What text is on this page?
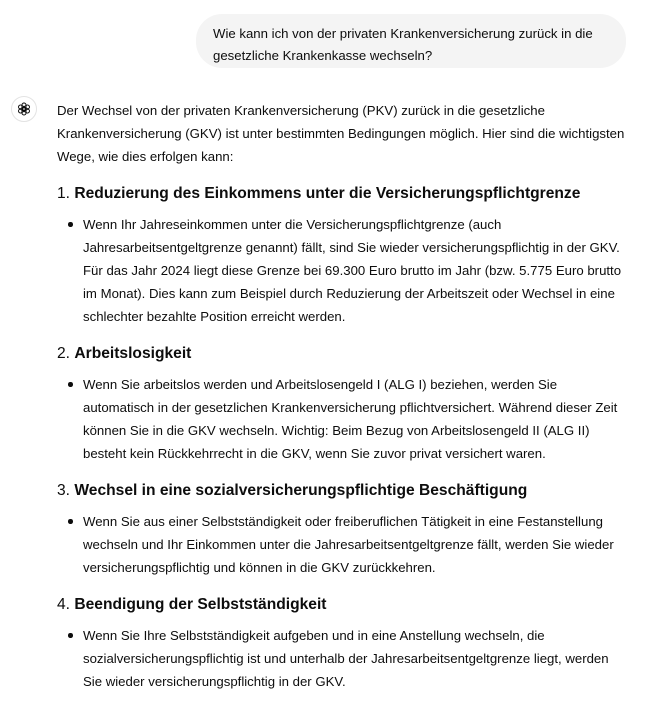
Wie kann ich von der privaten Krankenversicherung zurück in die gesetzliche Krankenkasse wechseln?

Der Wechsel von der privaten Krankenversicherung (PKV) zurück in die gesetzliche Krankenversicherung (GKV) ist unter bestimmten Bedingungen möglich. Hier sind die wichtigsten Wege, wie dies erfolgen kann:

1. Reduzierung des Einkommens unter die Versicherungspflichtgrenze
Wenn Ihr Jahreseinkommen unter die Versicherungspflichtgrenze (auch Jahresarbeitsentgeltgrenze genannt) fällt, sind Sie wieder versicherungspflichtig in der GKV. Für das Jahr 2024 liegt diese Grenze bei 69.300 Euro brutto im Jahr (bzw. 5.775 Euro brutto im Monat). Dies kann zum Beispiel durch Reduzierung der Arbeitszeit oder Wechsel in eine schlechter bezahlte Position erreicht werden.
2. Arbeitslosigkeit
Wenn Sie arbeitslos werden und Arbeitslosengeld I (ALG I) beziehen, werden Sie automatisch in der gesetzlichen Krankenversicherung pflichtversichert. Während dieser Zeit können Sie in die GKV wechseln. Wichtig: Beim Bezug von Arbeitslosengeld II (ALG II) besteht kein Rückkehrrecht in die GKV, wenn Sie zuvor privat versichert waren.
3. Wechsel in eine sozialversicherungspflichtige Beschäftigung
Wenn Sie aus einer Selbstständigkeit oder freiberuflichen Tätigkeit in eine Festanstellung wechseln und Ihr Einkommen unter die Jahresarbeitsentgeltgrenze fällt, werden Sie wieder versicherungspflichtig und können in die GKV zurückkehren.
4. Beendigung der Selbstständigkeit
Wenn Sie Ihre Selbstständigkeit aufgeben und in eine Anstellung wechseln, die sozialversicherungspflichtig ist und unterhalb der Jahresarbeitsentgeltgrenze liegt, werden Sie wieder versicherungspflichtig in der GKV.
